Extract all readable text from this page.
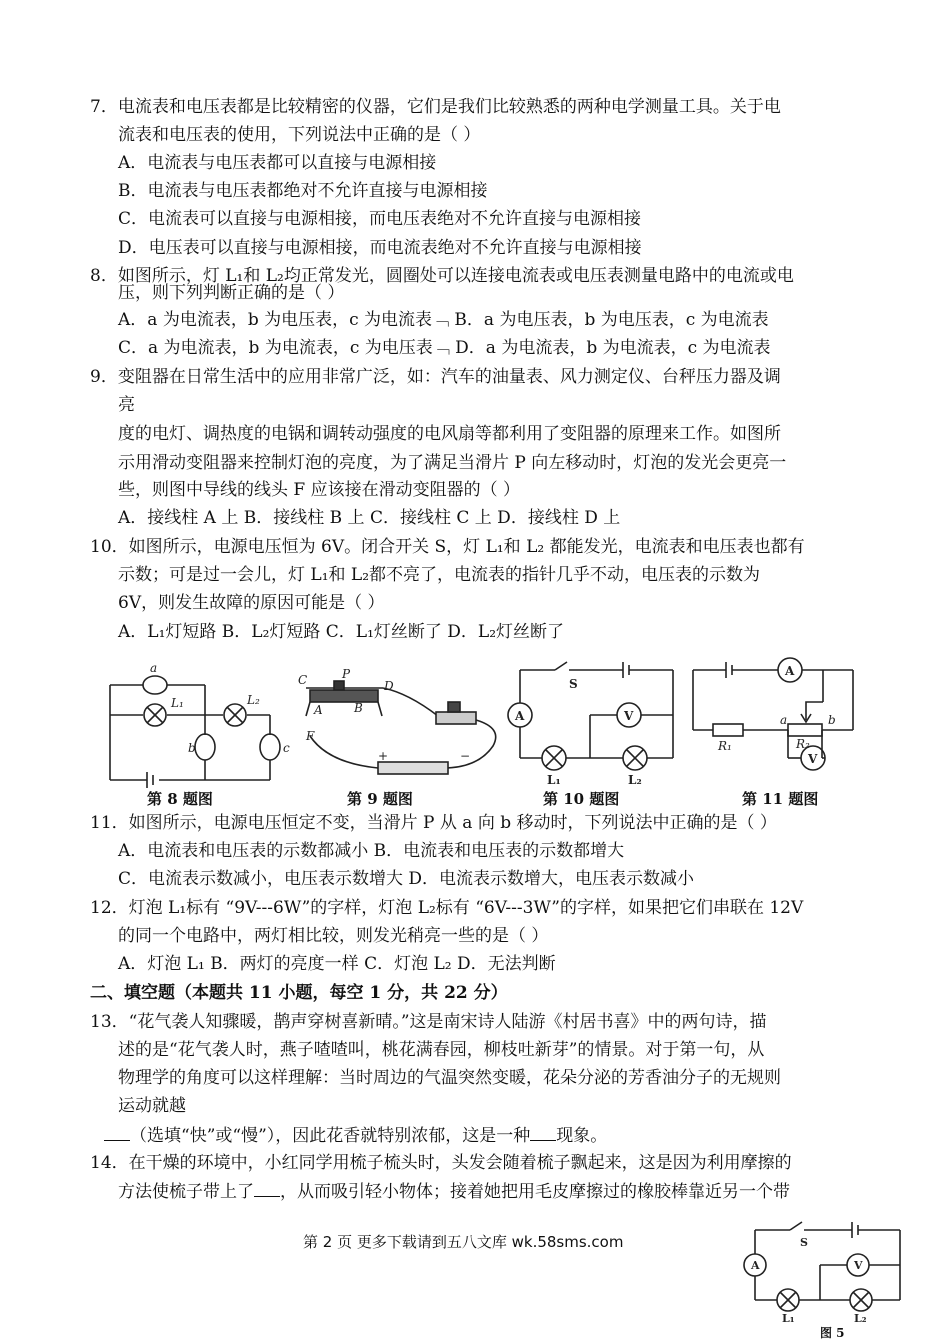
7．电流表和电压表都是比较精密的仪器，它们是我们比较熟悉的两种电学测量工具。关于电
流表和电压表的使用，下列说法中正确的是（ ）
A．电流表与电压表都可以直接与电源相接
B．电流表与电压表都绝对不允许直接与电源相接
C．电流表可以直接与电源相接，而电压表绝对不允许直接与电源相接
D．电压表可以直接与电源相接，而电流表绝对不允许直接与电源相接
8．如图所示，灯 L₁和 L₂均正常发光，圆圈处可以连接电流表或电压表测量电路中的电流或电
压，则下列判断正确的是（ ）
A．a 为电流表，b 为电压表，c 为电流表﹁ B．a 为电压表，b 为电压表，c 为电流表
C．a 为电流表，b 为电流表，c 为电压表﹁ D．a 为电流表，b 为电流表，c 为电流表
9．变阻器在日常生活中的应用非常广泛，如：汽车的油量表、风力测定仪、台秤压力器及调
亮
度的电灯、调热度的电锅和调转动强度的电风扇等都利用了变阻器的原理来工作。如图所
示用滑动变阻器来控制灯泡的亮度，为了满足当滑片 P 向左移动时，灯泡的发光会更亮一
些，则图中导线的线头 F 应该接在滑动变阻器的（ ）
A．接线柱 A 上 B．接线柱 B 上 C．接线柱 C 上 D．接线柱 D 上
10．如图所示，电源电压恒为 6V。闭合开关 S，灯 L₁和 L₂ 都能发光，电流表和电压表也都有
示数；可是过一会儿，灯 L₁和 L₂都不亮了，电流表的指针几乎不动，电压表的示数为
6V，则发生故障的原因可能是（ ）
A．L₁灯短路 B．L₂灯短路 C．L₁灯丝断了 D．L₂灯丝断了
a
L₁	L₂
b	c
第 8 题图
C	P
D
A	B
F
+	−
第 9 题图
S
A	V
L₁	L₂
第 10 题图
A
R₁
a
R₂
b
V
第 11 题图
11．如图所示，电源电压恒定不变，当滑片 P 从 a 向 b 移动时，下列说法中正确的是（ ）
A．电流表和电压表的示数都减小 B．电流表和电压表的示数都增大
C．电流表示数减小，电压表示数增大 D．电流表示数增大，电压表示数减小
12．灯泡 L₁标有 “9V---6W”的字样，灯泡 L₂标有 “6V---3W”的字样，如果把它们串联在 12V
的同一个电路中，两灯相比较，则发光稍亮一些的是（ ）
A．灯泡 L₁ B．两灯的亮度一样 C．灯泡 L₂ D．无法判断
二、填空题（本题共 11 小题，每空 1 分，共 22 分）
13．“花气袭人知骤暖，鹊声穿树喜新晴。”这是南宋诗人陆游《村居书喜》中的两句诗，描
述的是“花气袭人时，燕子喳喳叫，桃花满春园，柳枝吐新芽”的情景。对于第一句，从
物理学的角度可以这样理解：当时周边的气温突然变暖，花朵分泌的芳香油分子的无规则
运动就越
（选填“快”或“慢”），因此花香就特别浓郁，这是一种 现象。
14．在干燥的环境中，小红同学用梳子梳头时，头发会随着梳子飘起来，这是因为利用摩擦的
方法使梳子带上了 ，从而吸引轻小物体；接着她把用毛皮摩擦过的橡胶棒靠近另一个带
第 2 页 更多下载请到五八文库 wk.58sms.com	S
A	V
L₁	L₂
图 5
